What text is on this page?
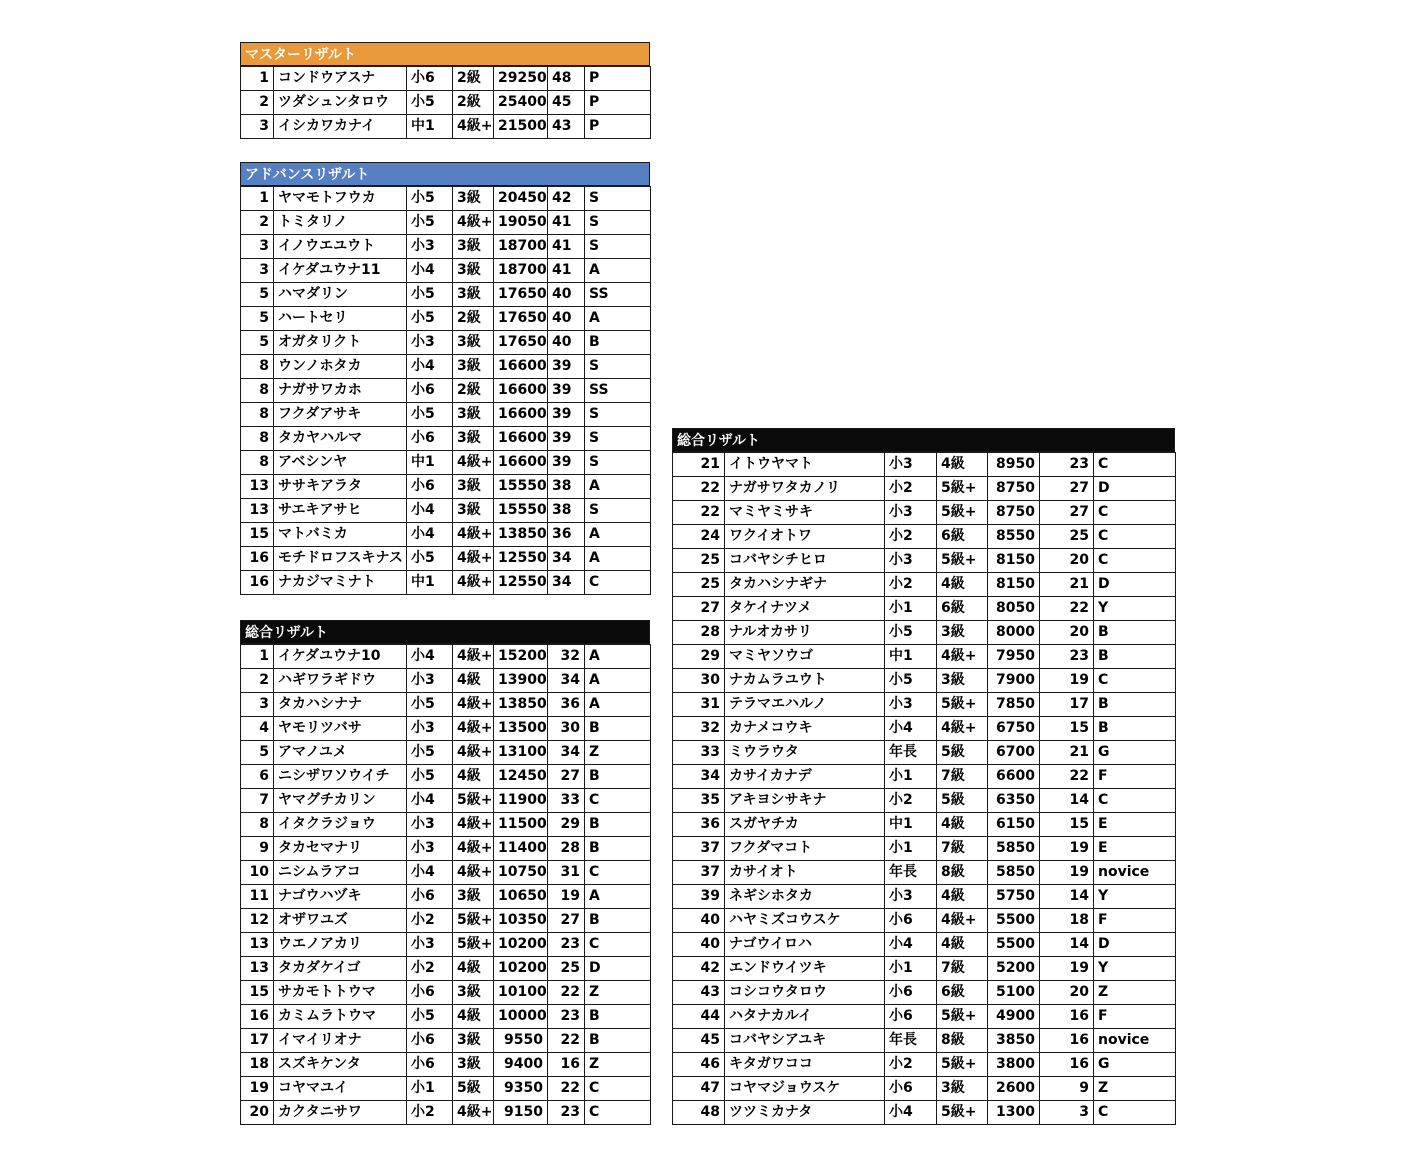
マスターリザルト
1	コンドウアスナ	小6	2級	29250	48	P
2	ツダシュンタロウ	小5	2級	25400	45	P
3	イシカワカナイ	中1	4級+	21500	43	P
アドバンスリザルト
1	ヤマモトフウカ	小5	3級	20450	42	S
2	トミタリノ	小5	4級+	19050	41	S
3	イノウエユウト	小3	3級	18700	41	S
3	イケダユウナ11	小4	3級	18700	41	A
5	ハマダリン	小5	3級	17650	40	SS
5	ハートセリ	小5	2級	17650	40	A
5	オガタリクト	小3	3級	17650	40	B
8	ウンノホタカ	小4	3級	16600	39	S
8	ナガサワカホ	小6	2級	16600	39	SS
8	フクダアサキ	小5	3級	16600	39	S
8	タカヤハルマ	小6	3級	16600	39	S
8	アベシンヤ	中1	4級+	16600	39	S
13	ササキアラタ	小6	3級	15550	38	A
13	サエキアサヒ	小4	3級	15550	38	S
15	マトバミカ	小4	4級+	13850	36	A
16	モチドロフスキナス	小5	4級+	12550	34	A
16	ナカジマミナト	中1	4級+	12550	34	C
総合リザルト
1	イケダユウナ10	小4	4級+	15200	32	A
2	ハギワラギドウ	小3	4級	13900	34	A
3	タカハシナナ	小5	4級+	13850	36	A
4	ヤモリツバサ	小3	4級+	13500	30	B
5	アマノユメ	小5	4級+	13100	34	Z
6	ニシザワソウイチ	小5	4級	12450	27	B
7	ヤマグチカリン	小4	5級+	11900	33	C
8	イタクラジョウ	小3	4級+	11500	29	B
9	タカセマナリ	小3	4級+	11400	28	B
10	ニシムラアコ	小4	4級+	10750	31	C
11	ナゴウハヅキ	小6	3級	10650	19	A
12	オザワユズ	小2	5級+	10350	27	B
13	ウエノアカリ	小3	5級+	10200	23	C
13	タカダケイゴ	小2	4級	10200	25	D
15	サカモトトウマ	小6	3級	10100	22	Z
16	カミムラトウマ	小5	4級	10000	23	B
17	イマイリオナ	小6	3級	9550	22	B
18	スズキケンタ	小6	3級	9400	16	Z
19	コヤマユイ	小1	5級	9350	22	C
20	カクタニサワ	小2	4級+	9150	23	C
総合リザルト
21	イトウヤマト	小3	4級	8950	23	C
22	ナガサワタカノリ	小2	5級+	8750	27	D
22	マミヤミサキ	小3	5級+	8750	27	C
24	ワクイオトワ	小2	6級	8550	25	C
25	コバヤシチヒロ	小3	5級+	8150	20	C
25	タカハシナギナ	小2	4級	8150	21	D
27	タケイナツメ	小1	6級	8050	22	Y
28	ナルオカサリ	小5	3級	8000	20	B
29	マミヤソウゴ	中1	4級+	7950	23	B
30	ナカムラユウト	小5	3級	7900	19	C
31	テラマエハルノ	小3	5級+	7850	17	B
32	カナメコウキ	小4	4級+	6750	15	B
33	ミウラウタ	年長	5級	6700	21	G
34	カサイカナデ	小1	7級	6600	22	F
35	アキヨシサキナ	小2	5級	6350	14	C
36	スガヤチカ	中1	4級	6150	15	E
37	フクダマコト	小1	7級	5850	19	E
37	カサイオト	年長	8級	5850	19	novice
39	ネギシホタカ	小3	4級	5750	14	Y
40	ハヤミズコウスケ	小6	4級+	5500	18	F
40	ナゴウイロハ	小4	4級	5500	14	D
42	エンドウイツキ	小1	7級	5200	19	Y
43	コシコウタロウ	小6	6級	5100	20	Z
44	ハタナカルイ	小6	5級+	4900	16	F
45	コバヤシアユキ	年長	8級	3850	16	novice
46	キタガワココ	小2	5級+	3800	16	G
47	コヤマジョウスケ	小6	3級	2600	9	Z
48	ツツミカナタ	小4	5級+	1300	3	C
